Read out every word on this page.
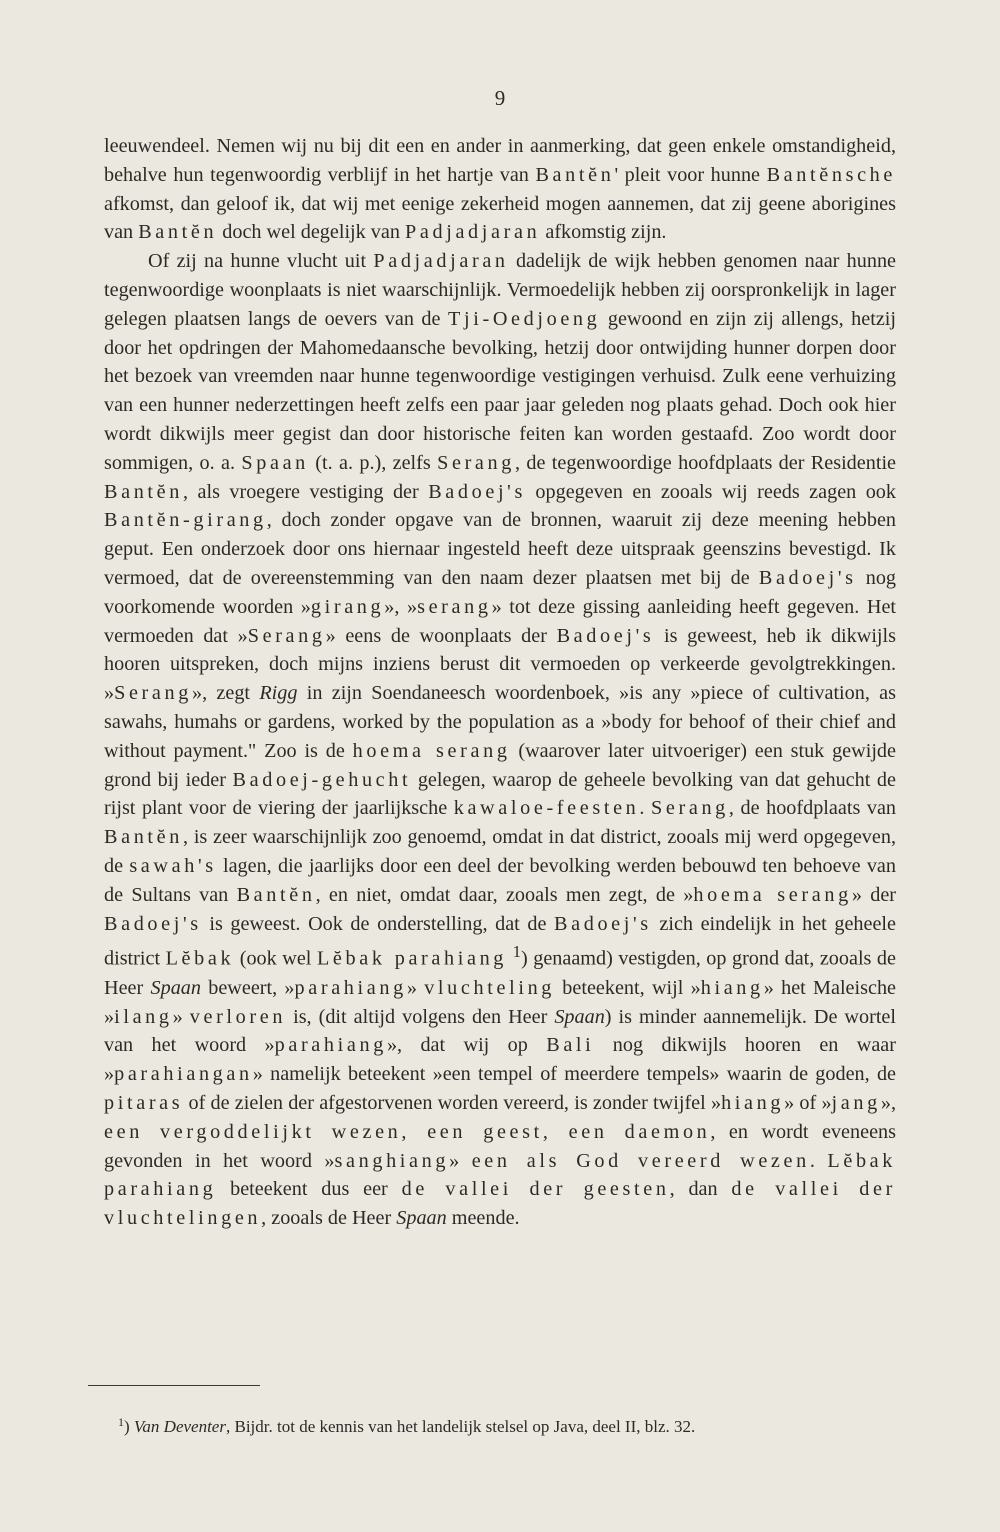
9

leeuwendeel. Nemen wij nu bij dit een en ander in aanmerking, dat geen enkele omstandigheid, behalve hun tegenwoordig verblijf in het hartje van Bantĕn' pleit voor hunne Bantĕnsche afkomst, dan geloof ik, dat wij met eenige zekerheid mogen aannemen, dat zij geene aborigines van Bantĕn doch wel degelijk van Padjadjaran afkomstig zijn.

Of zij na hunne vlucht uit Padjadjaran dadelijk de wijk hebben genomen naar hunne tegenwoordige woonplaats is niet waarschijnlijk. Vermoedelijk hebben zij oorspronkelijk in lager gelegen plaatsen langs de oevers van de Tji-Oedjoeng gewoond en zijn zij allengs, hetzij door het opdringen der Mahomedaansche bevolking, hetzij door ontwijding hunner dorpen door het bezoek van vreemden naar hunne tegenwoordige vestigingen verhuisd. Zulk eene verhuizing van een hunner nederzettingen heeft zelfs een paar jaar geleden nog plaats gehad. Doch ook hier wordt dikwijls meer gegist dan door historische feiten kan worden gestaafd. Zoo wordt door sommigen, o. a. Spaan (t. a. p.), zelfs Serang, de tegenwoordige hoofdplaats der Residentie Bantĕn, als vroegere vestiging der Badoej's opgegeven en zooals wij reeds zagen ook Bantĕn-girang, doch zonder opgave van de bronnen, waaruit zij deze meening hebben geput. Een onderzoek door ons hiernaar ingesteld heeft deze uitspraak geenszins bevestigd. Ik vermoed, dat de overeenstemming van den naam dezer plaatsen met bij de Badoej's nog voorkomende woorden »girang», »serang» tot deze gissing aanleiding heeft gegeven. Het vermoeden dat »Serang» eens de woonplaats der Badoej's is geweest, heb ik dikwijls hooren uitspreken, doch mijns inziens berust dit vermoeden op verkeerde gevolgtrekkingen. »Serang», zegt Rigg in zijn Soendaneesch woordenboek, »is any »piece of cultivation, as sawahs, humahs or gardens, worked by the population as a »body for behoof of their chief and without payment." Zoo is de hoema serang (waarover later uitvoeriger) een stuk gewijde grond bij ieder Badoej-gehucht gelegen, waarop de geheele bevolking van dat gehucht de rijst plant voor de viering der jaarlijksche kawaloe-feesten. Serang, de hoofdplaats van Bantĕn, is zeer waarschijnlijk zoo genoemd, omdat in dat district, zooals mij werd opgegeven, de sawah's lagen, die jaarlijks door een deel der bevolking werden bebouwd ten behoeve van de Sultans van Bantĕn, en niet, omdat daar, zooals men zegt, de »hoema serang» der Badoej's is geweest. Ook de onderstelling, dat de Badoej's zich eindelijk in het geheele district Lĕbak (ook wel Lĕbak parahiang $^1$) genaamd) vestigden, op grond dat, zooals de Heer Spaan beweert, »parahiang» vluchteling beteekent, wijl »hiang» het Maleische »ilang» verloren is, (dit altijd volgens den Heer Spaan) is minder aannemelijk. De wortel van het woord »parahiang», dat wij op Bali nog dikwijls hooren en waar »parahiangan» namelijk beteekent »een tempel of meerdere tempels» waarin de goden, de pitaras of de zielen der afgestorvenen worden vereerd, is zonder twijfel »hiang» of »jang», een vergoddelijkt wezen, een geest, een daemon, en wordt eveneens gevonden in het woord »sanghiang» een als God vereerd wezen. Lĕbak parahiang beteekent dus eer de vallei der geesten, dan de vallei der vluchtelingen, zooals de Heer Spaan meende.

$^1$) Van Deventer, Bijdr. tot de kennis van het landelijk stelsel op Java, deel II, blz. 32.
